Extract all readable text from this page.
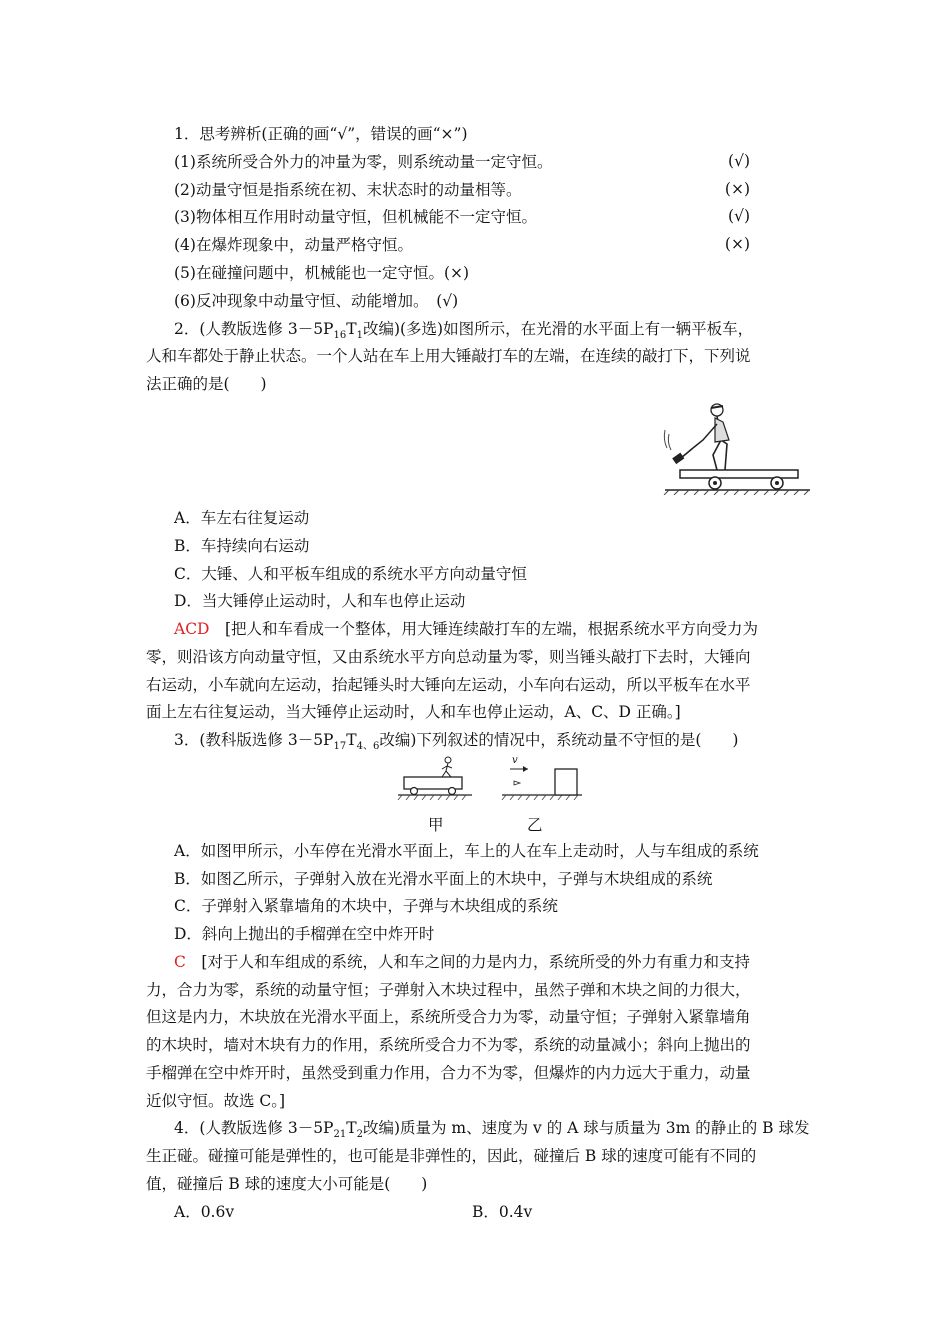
1．思考辨析(正确的画“√”，错误的画“×”)
(1)系统所受合外力的冲量为零，则系统动量一定守恒。	(√)
(2)动量守恒是指系统在初、末状态时的动量相等。	(×)
(3)物体相互作用时动量守恒，但机械能不一定守恒。	(√)
(4)在爆炸现象中，动量严格守恒。	(×)
(5)在碰撞问题中，机械能也一定守恒。(×)
(6)反冲现象中动量守恒、动能增加。　(√)
2．(人教版选修 $3-5P_{16}T_1$改编)(多选)如图所示，在光滑的水平面上有一辆平板车，
人和车都处于静止状态。一个人站在车上用大锤敲打车的左端，在连续的敲打下，下列说
法正确的是(　　)
A．车左右往复运动
B．车持续向右运动
C．大锤、人和平板车组成的系统水平方向动量守恒
D．当大锤停止运动时，人和车也停止运动
ACD　 [把人和车看成一个整体，用大锤连续敲打车的左端，根据系统水平方向受力为
零，则沿该方向动量守恒，又由系统水平方向总动量为零，则当锤头敲打下去时，大锤向
右运动，小车就向左运动，抬起锤头时大锤向左运动，小车向右运动，所以平板车在水平
面上左右往复运动，当大锤停止运动时，人和车也停止运动，A、C、D 正确。]
3．(教科版选修 $3-5P_{17}T_{4、6}$改编)下列叙述的情况中，系统动量不守恒的是(　　)
甲
v
乙
A．如图甲所示，小车停在光滑水平面上，车上的人在车上走动时，人与车组成的系统
B．如图乙所示，子弹射入放在光滑水平面上的木块中，子弹与木块组成的系统
C．子弹射入紧靠墙角的木块中，子弹与木块组成的系统
D．斜向上抛出的手榴弹在空中炸开时
C　 [对于人和车组成的系统，人和车之间的力是内力，系统所受的外力有重力和支持
力，合力为零，系统的动量守恒；子弹射入木块过程中，虽然子弹和木块之间的力很大，
但这是内力，木块放在光滑水平面上，系统所受合力为零，动量守恒；子弹射入紧靠墙角
的木块时，墙对木块有力的作用，系统所受合力不为零，系统的动量减小；斜向上抛出的
手榴弹在空中炸开时，虽然受到重力作用，合力不为零，但爆炸的内力远大于重力，动量
近似守恒。故选 C。]
4．(人教版选修 $3-5P_{21}T_2$改编)质量为 m、速度为 v 的 A 球与质量为 3m 的静止的 B 球发
生正碰。碰撞可能是弹性的，也可能是非弹性的，因此，碰撞后 B 球的速度可能有不同的
值，碰撞后 B 球的速度大小可能是(　　)
A．0.6v	B．0.4v
